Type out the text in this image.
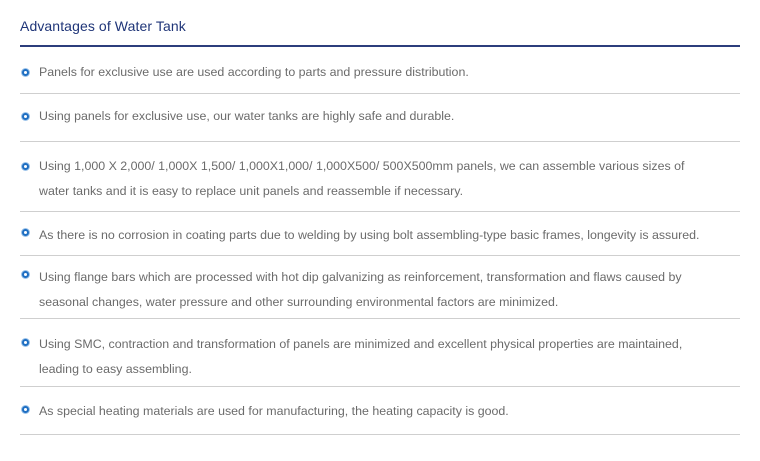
Advantages of Water Tank
Panels for exclusive use are used according to parts and pressure distribution.
Using panels for exclusive use, our water tanks are highly safe and durable.
Using 1,000 X 2,000/ 1,000X 1,500/ 1,000X1,000/ 1,000X500/ 500X500mm panels, we can assemble various sizes of
water tanks and it is easy to replace unit panels and reassemble if necessary.
As there is no corrosion in coating parts due to welding by using bolt assembling-type basic frames, longevity is assured.
Using flange bars which are processed with hot dip galvanizing as reinforcement, transformation and flaws caused by
seasonal changes, water pressure and other surrounding environmental factors are minimized.
Using SMC, contraction and transformation of panels are minimized and excellent physical properties are maintained,
leading to easy assembling.
As special heating materials are used for manufacturing, the heating capacity is good.
